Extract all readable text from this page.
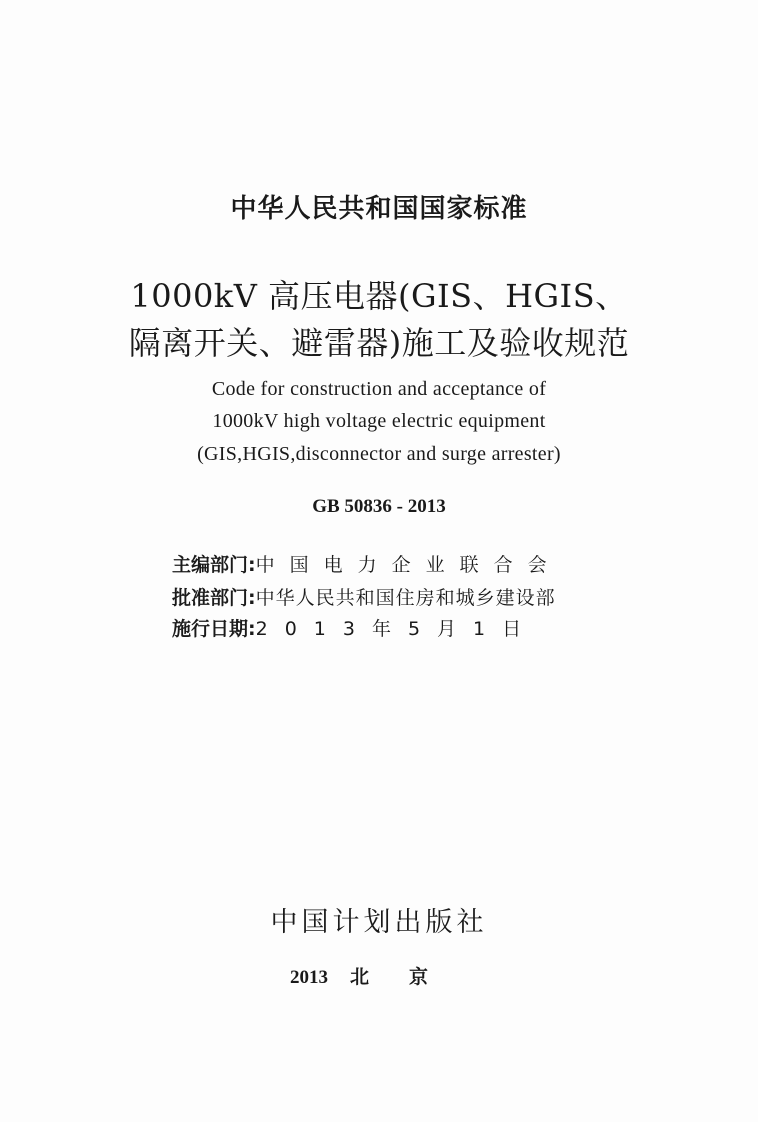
中华人民共和国国家标准
1000kV 高压电器(GIS、HGIS、
隔离开关、避雷器)施工及验收规范
Code for construction and acceptance of
1000kV high voltage electric equipment
(GIS,HGIS,disconnector and surge arrester)
GB 50836 - 2013
主编部门:中国电力企业联合会
批准部门:中华人民共和国住房和城乡建设部
施行日期:2013年5月1日
中国计划出版社
2013 北京
